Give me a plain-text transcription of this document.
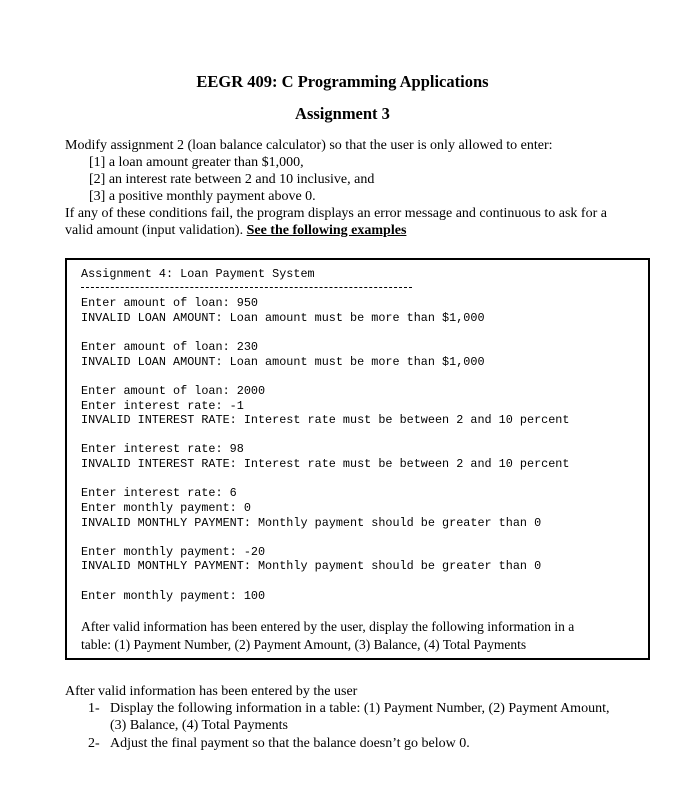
EEGR 409: C Programming Applications
Assignment 3
Modify assignment 2 (loan balance calculator) so that the user is only allowed to enter:
[1] a loan amount greater than $1,000,
[2] an interest rate between 2 and 10 inclusive, and
[3] a positive monthly payment above 0.
If any of these conditions fail, the program displays an error message and continuous to ask for a
valid amount (input validation). See the following examples
Assignment 4: Loan Payment System
Enter amount of loan: 950
INVALID LOAN AMOUNT: Loan amount must be more than $1,000
Enter amount of loan: 230
INVALID LOAN AMOUNT: Loan amount must be more than $1,000
Enter amount of loan: 2000
Enter interest rate: -1
INVALID INTEREST RATE: Interest rate must be between 2 and 10 percent
Enter interest rate: 98
INVALID INTEREST RATE: Interest rate must be between 2 and 10 percent
Enter interest rate: 6
Enter monthly payment: 0
INVALID MONTHLY PAYMENT: Monthly payment should be greater than 0
Enter monthly payment: -20
INVALID MONTHLY PAYMENT: Monthly payment should be greater than 0
Enter monthly payment: 100
After valid information has been entered by the user, display the following information in a
table: (1) Payment Number, (2) Payment Amount, (3) Balance, (4) Total Payments
After valid information has been entered by the user
1- Display the following information in a table: (1) Payment Number, (2) Payment Amount,
(3) Balance, (4) Total Payments
2- Adjust the final payment so that the balance doesn’t go below 0.
